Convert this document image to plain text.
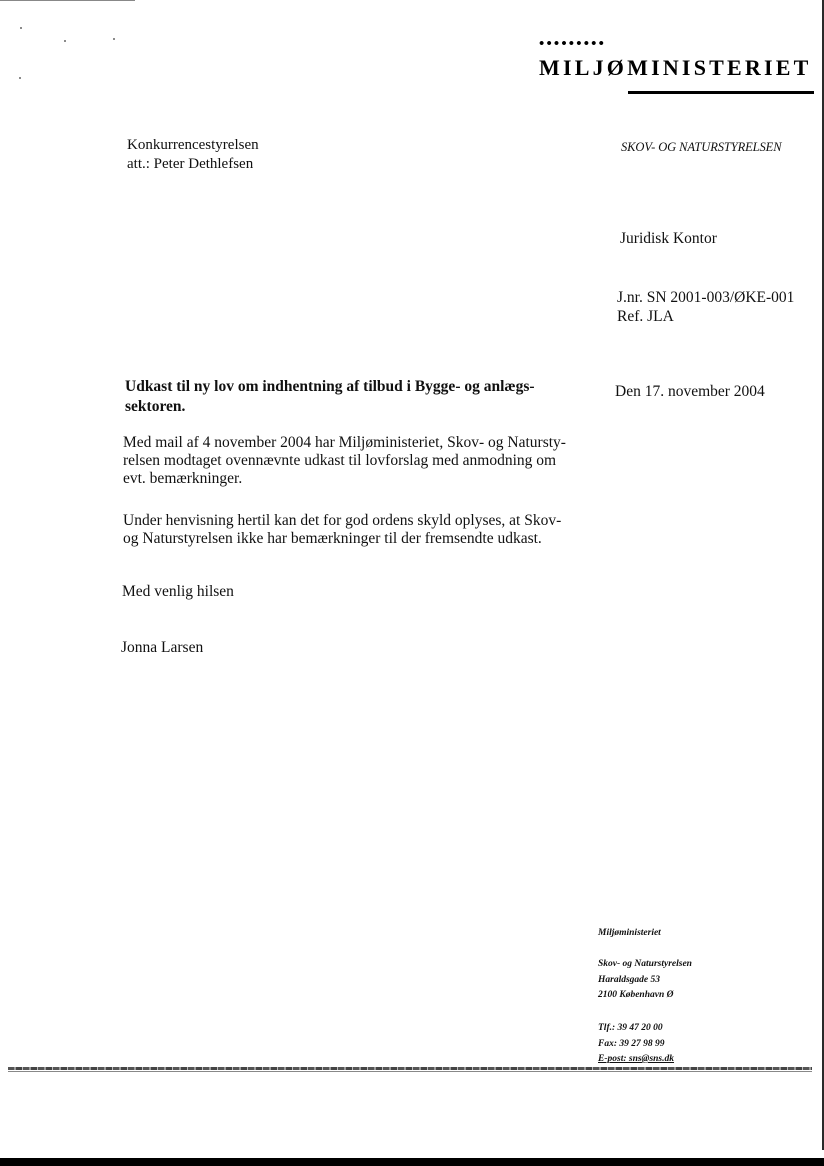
•••••••••
MILJØMINISTERIET
SKOV- OG NATURSTYRELSEN
Konkurrencestyrelsen
att.: Peter Dethlefsen
Juridisk Kontor
J.nr. SN 2001-003/ØKE-001
Ref. JLA
Den 17. november 2004
Udkast til ny lov om indhentning af tilbud i Bygge- og anlægs-
sektoren.
Med mail af 4 november 2004 har Miljøministeriet, Skov- og Natursty-
relsen modtaget ovennævnte udkast til lovforslag med anmodning om
evt. bemærkninger.
Under henvisning hertil kan det for god ordens skyld oplyses, at Skov-
og Naturstyrelsen ikke har bemærkninger til der fremsendte udkast.
Med venlig hilsen
Jonna Larsen
Miljøministeriet
Skov- og Naturstyrelsen
Haraldsgade 53
2100 København Ø
Tlf.: 39 47 20 00
Fax: 39 27 98 99
E-post: sns@sns.dk
